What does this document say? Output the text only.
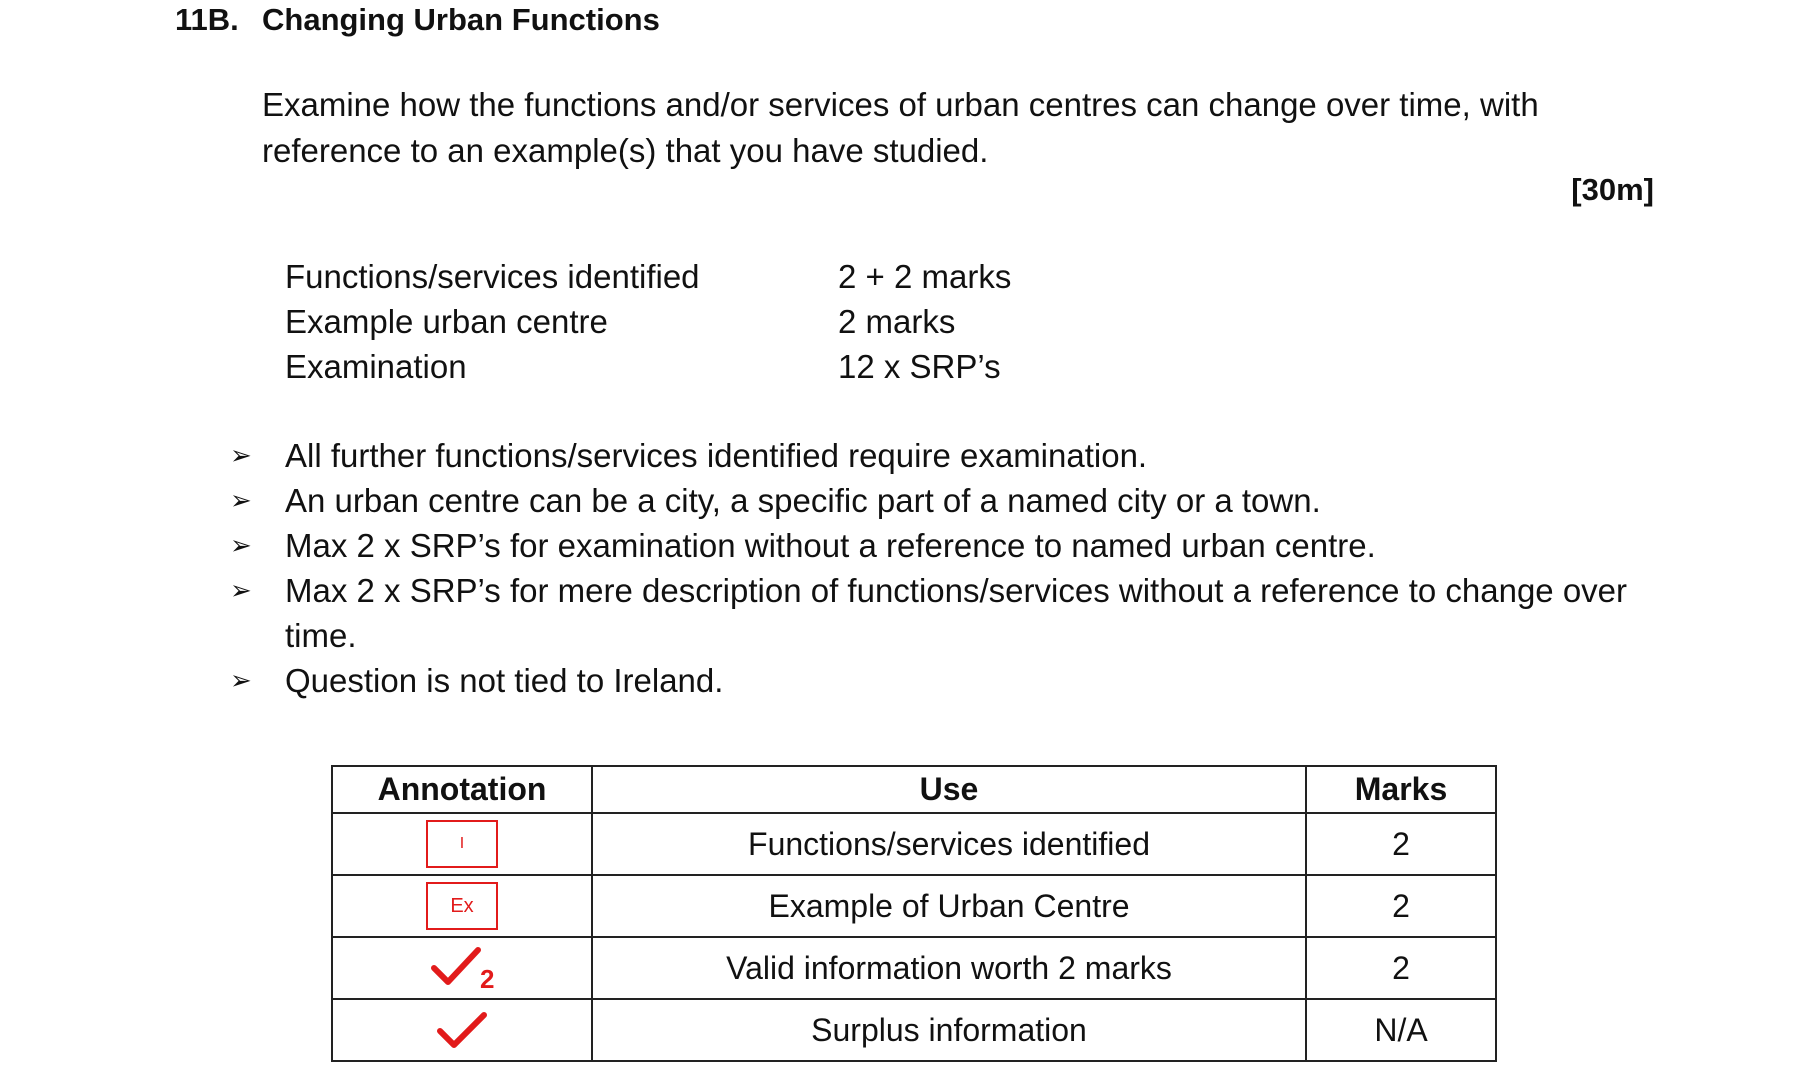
11B. Changing Urban Functions
Examine how the functions and/or services of urban centres can change over time, with reference to an example(s) that you have studied.
[30m]
Functions/services identified	2 + 2 marks
Example urban centre	2 marks
Examination	12 x SRP’s
➢ All further functions/services identified require examination.
➢ An urban centre can be a city, a specific part of a named city or a town.
➢ Max 2 x SRP’s for examination without a reference to named urban centre.
➢ Max 2 x SRP’s for mere description of functions/services without a reference to change over time.
➢ Question is not tied to Ireland.
Annotation	Use	Marks
I	Functions/services identified	2
Ex	Example of Urban Centre	2

2	Valid information worth 2 marks	2
	Surplus information	N/A
